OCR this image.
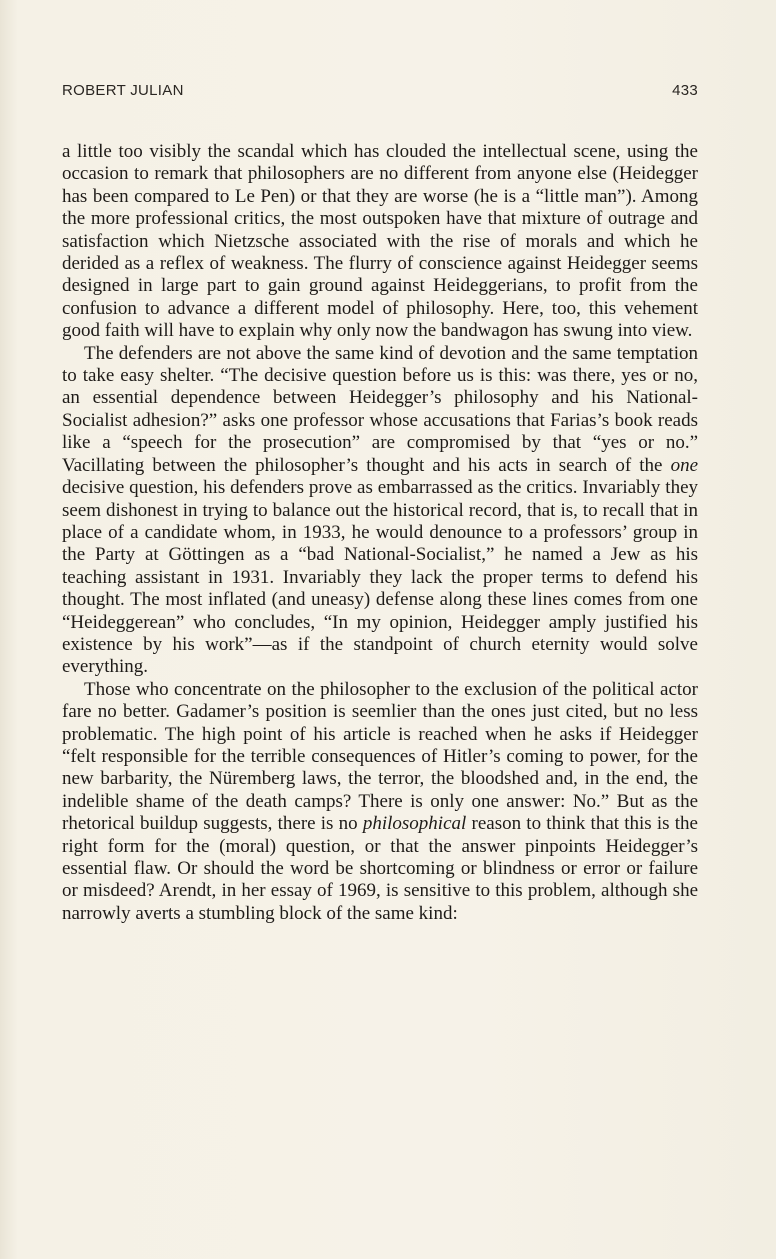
ROBERT JULIAN	433

a little too visibly the scandal which has clouded the intellectual scene, using the occasion to remark that philosophers are no different from anyone else (Heidegger has been compared to Le Pen) or that they are worse (he is a “little man”). Among the more professional critics, the most outspoken have that mixture of outrage and satisfaction which Nietzsche associated with the rise of morals and which he derided as a reflex of weakness. The flurry of conscience against Heidegger seems designed in large part to gain ground against Heideggerians, to profit from the confusion to advance a different model of philosophy. Here, too, this vehement good faith will have to explain why only now the bandwagon has swung into view.

The defenders are not above the same kind of devotion and the same temptation to take easy shelter. “The decisive question before us is this: was there, yes or no, an essential dependence between Heidegger’s philosophy and his National-Socialist adhesion?” asks one professor whose accusations that Farias’s book reads like a “speech for the prosecution” are compromised by that “yes or no.” Vacillating between the philosopher’s thought and his acts in search of the one decisive question, his defenders prove as embarrassed as the critics. Invariably they seem dishonest in trying to balance out the historical record, that is, to recall that in place of a candidate whom, in 1933, he would denounce to a professors’ group in the Party at Göttingen as a “bad National-Socialist,” he named a Jew as his teaching assistant in 1931. Invariably they lack the proper terms to defend his thought. The most inflated (and uneasy) defense along these lines comes from one “Heideggerean” who concludes, “In my opinion, Heidegger amply justified his existence by his work”—as if the standpoint of church eternity would solve everything.

Those who concentrate on the philosopher to the exclusion of the political actor fare no better. Gadamer’s position is seemlier than the ones just cited, but no less problematic. The high point of his article is reached when he asks if Heidegger “felt responsible for the terrible consequences of Hitler’s coming to power, for the new barbarity, the Nüremberg laws, the terror, the bloodshed and, in the end, the indelible shame of the death camps? There is only one answer: No.” But as the rhetorical buildup suggests, there is no philosophical reason to think that this is the right form for the (moral) question, or that the answer pinpoints Heidegger’s essential flaw. Or should the word be shortcoming or blindness or error or failure or misdeed? Arendt, in her essay of 1969, is sensitive to this problem, although she narrowly averts a stumbling block of the same kind:
